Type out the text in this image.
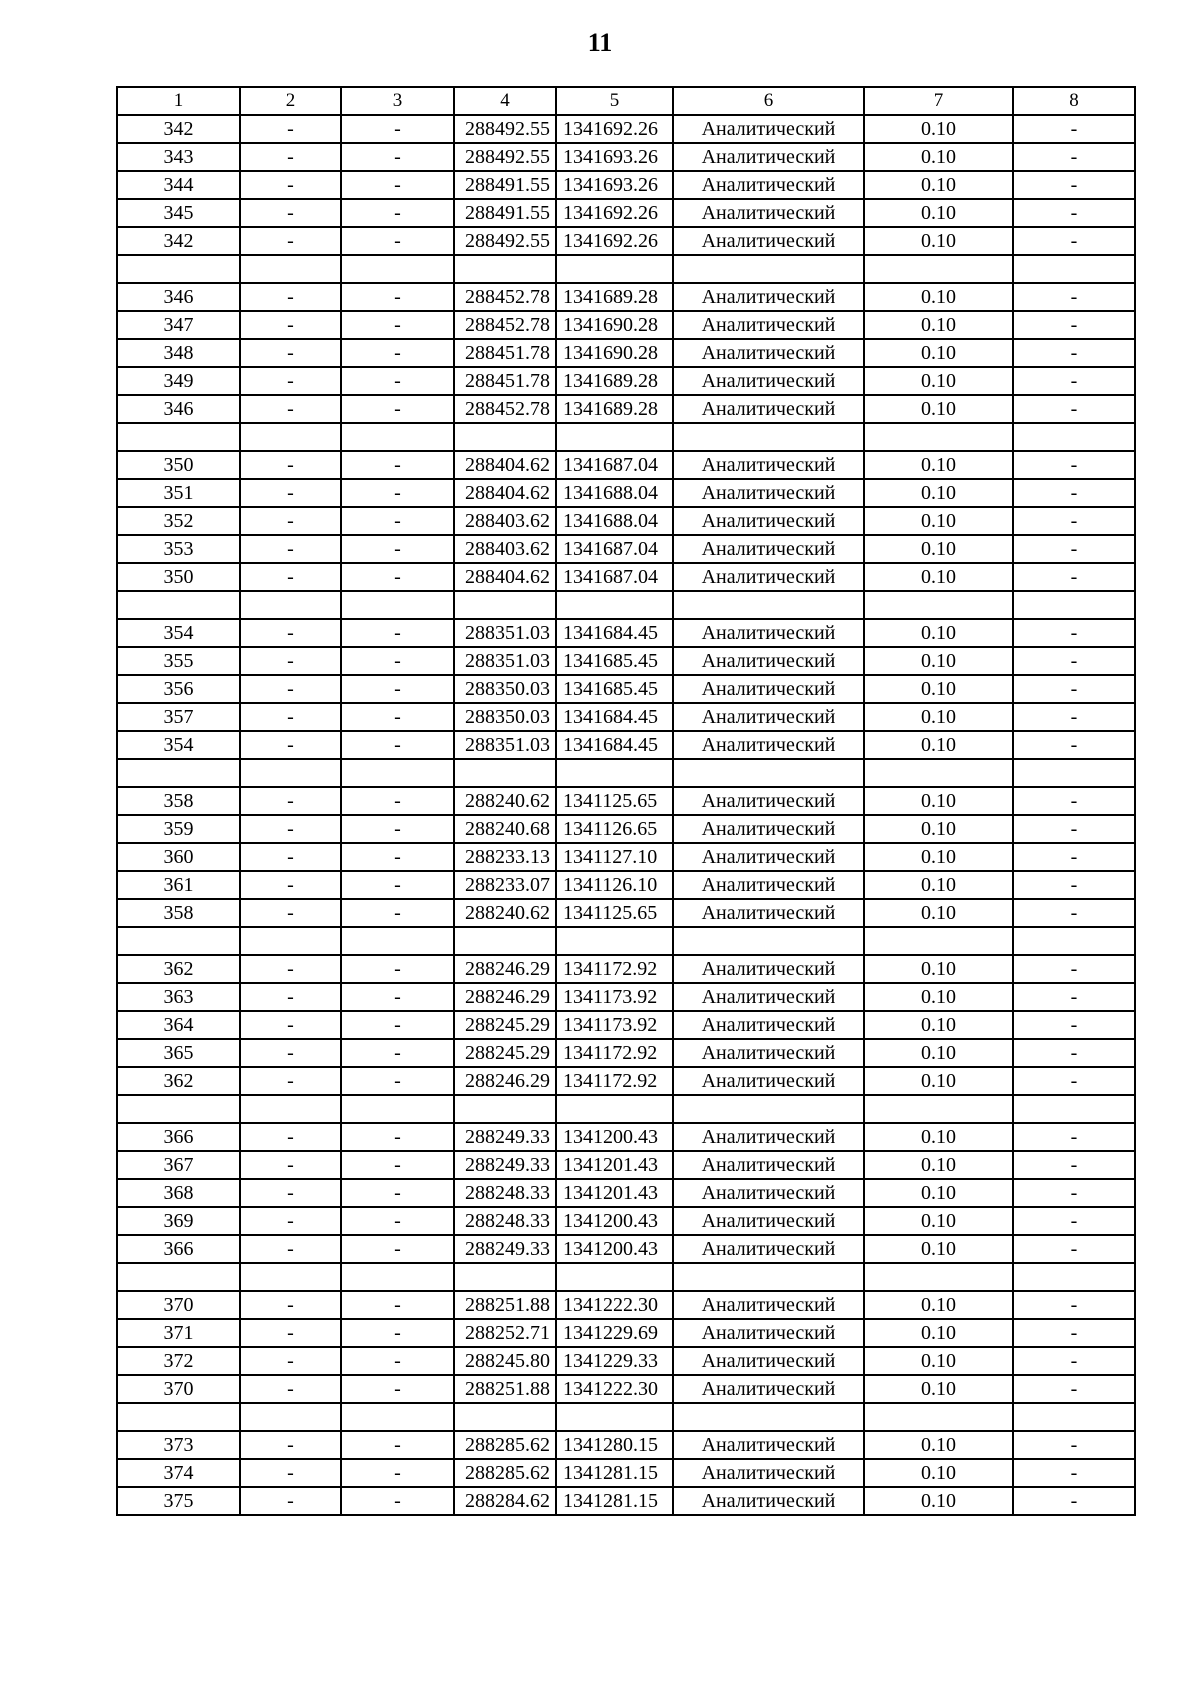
11
1	2	3	4	5	6	7	8
342	-	-	288492.55	1341692.26	Аналитический	0.10	-
343	-	-	288492.55	1341693.26	Аналитический	0.10	-
344	-	-	288491.55	1341693.26	Аналитический	0.10	-
345	-	-	288491.55	1341692.26	Аналитический	0.10	-
342	-	-	288492.55	1341692.26	Аналитический	0.10	-

346	-	-	288452.78	1341689.28	Аналитический	0.10	-
347	-	-	288452.78	1341690.28	Аналитический	0.10	-
348	-	-	288451.78	1341690.28	Аналитический	0.10	-
349	-	-	288451.78	1341689.28	Аналитический	0.10	-
346	-	-	288452.78	1341689.28	Аналитический	0.10	-

350	-	-	288404.62	1341687.04	Аналитический	0.10	-
351	-	-	288404.62	1341688.04	Аналитический	0.10	-
352	-	-	288403.62	1341688.04	Аналитический	0.10	-
353	-	-	288403.62	1341687.04	Аналитический	0.10	-
350	-	-	288404.62	1341687.04	Аналитический	0.10	-

354	-	-	288351.03	1341684.45	Аналитический	0.10	-
355	-	-	288351.03	1341685.45	Аналитический	0.10	-
356	-	-	288350.03	1341685.45	Аналитический	0.10	-
357	-	-	288350.03	1341684.45	Аналитический	0.10	-
354	-	-	288351.03	1341684.45	Аналитический	0.10	-

358	-	-	288240.62	1341125.65	Аналитический	0.10	-
359	-	-	288240.68	1341126.65	Аналитический	0.10	-
360	-	-	288233.13	1341127.10	Аналитический	0.10	-
361	-	-	288233.07	1341126.10	Аналитический	0.10	-
358	-	-	288240.62	1341125.65	Аналитический	0.10	-

362	-	-	288246.29	1341172.92	Аналитический	0.10	-
363	-	-	288246.29	1341173.92	Аналитический	0.10	-
364	-	-	288245.29	1341173.92	Аналитический	0.10	-
365	-	-	288245.29	1341172.92	Аналитический	0.10	-
362	-	-	288246.29	1341172.92	Аналитический	0.10	-

366	-	-	288249.33	1341200.43	Аналитический	0.10	-
367	-	-	288249.33	1341201.43	Аналитический	0.10	-
368	-	-	288248.33	1341201.43	Аналитический	0.10	-
369	-	-	288248.33	1341200.43	Аналитический	0.10	-
366	-	-	288249.33	1341200.43	Аналитический	0.10	-

370	-	-	288251.88	1341222.30	Аналитический	0.10	-
371	-	-	288252.71	1341229.69	Аналитический	0.10	-
372	-	-	288245.80	1341229.33	Аналитический	0.10	-
370	-	-	288251.88	1341222.30	Аналитический	0.10	-

373	-	-	288285.62	1341280.15	Аналитический	0.10	-
374	-	-	288285.62	1341281.15	Аналитический	0.10	-
375	-	-	288284.62	1341281.15	Аналитический	0.10	-
